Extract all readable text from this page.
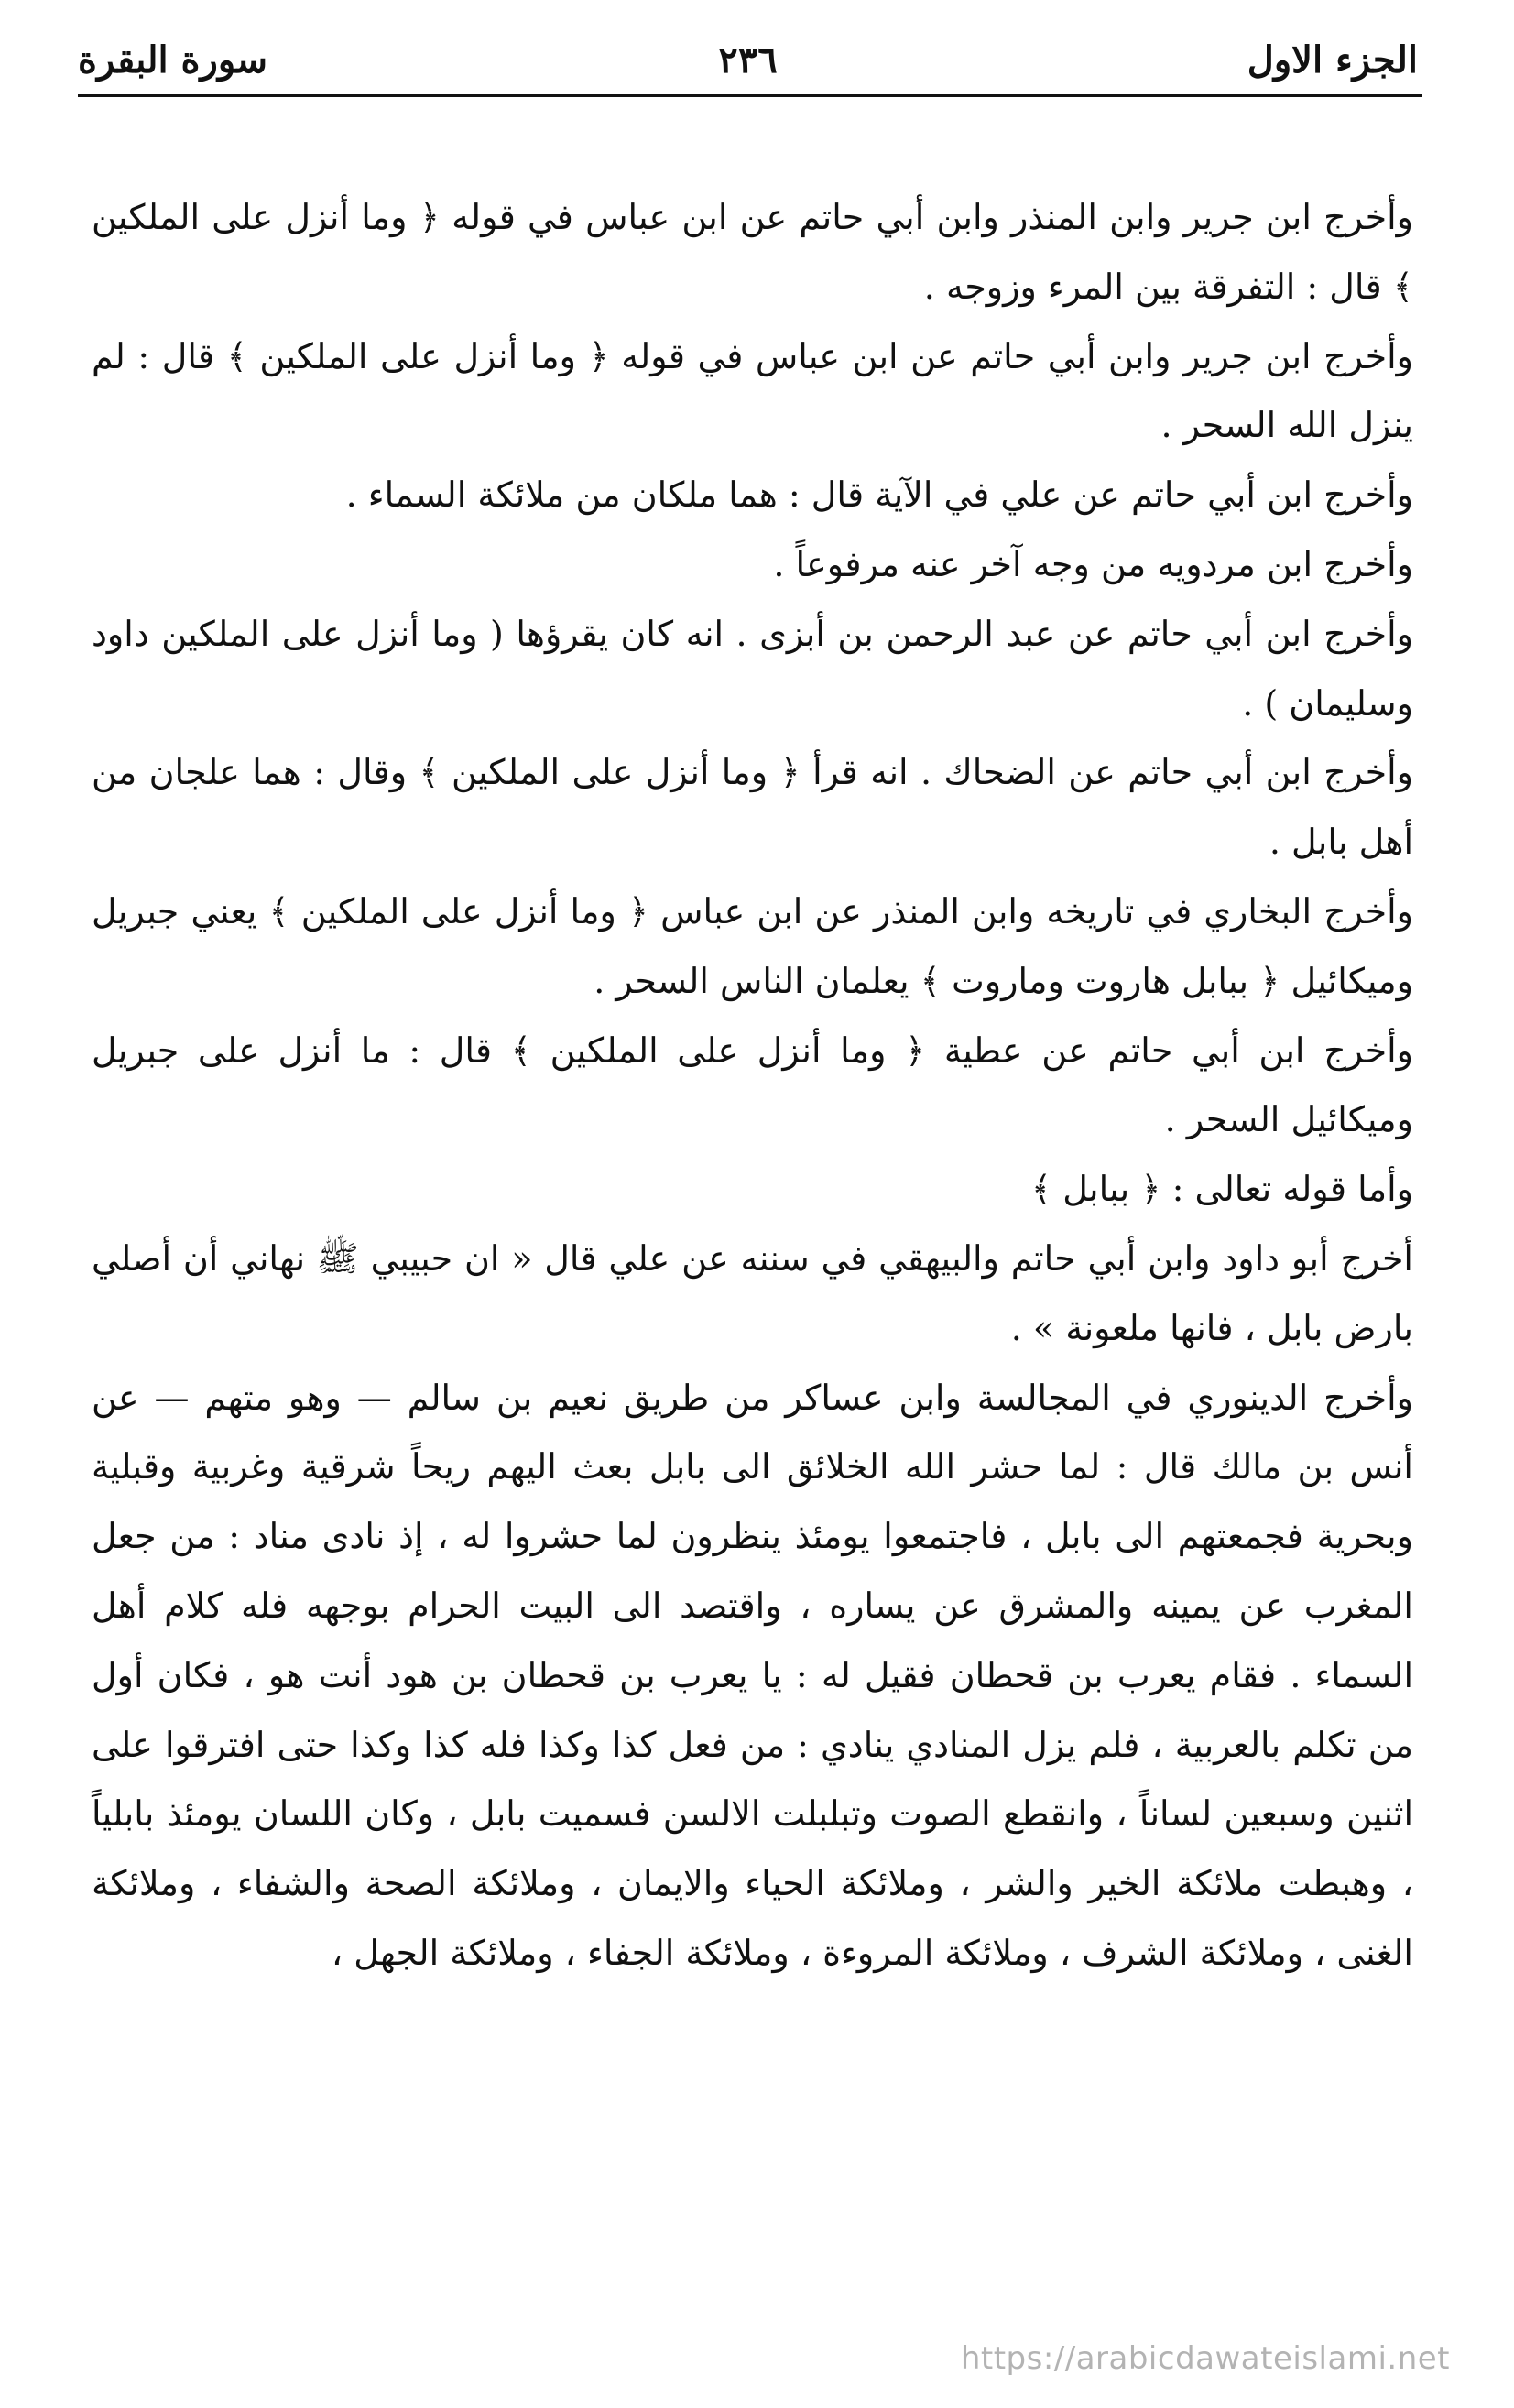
الجزء الاول
٢٣٦
سورة البقرة

وأخرج ابن جرير وابن المنذر وابن أبي حاتم عن ابن عباس في قوله ﴿ وما أنزل على الملكين ﴾ قال : التفرقة بين المرء وزوجه .

وأخرج ابن جرير وابن أبي حاتم عن ابن عباس في قوله ﴿ وما أنزل على الملكين ﴾ قال : لم ينزل الله السحر .

وأخرج ابن أبي حاتم عن علي في الآية قال : هما ملكان من ملائكة السماء .

وأخرج ابن مردويه من وجه آخر عنه مرفوعاً .

وأخرج ابن أبي حاتم عن عبد الرحمن بن أبزى . انه كان يقرؤها ( وما أنزل على الملكين داود وسليمان ) .

وأخرج ابن أبي حاتم عن الضحاك . انه قرأ ﴿ وما أنزل على الملكين ﴾ وقال : هما علجان من أهل بابل .

وأخرج البخاري في تاريخه وابن المنذر عن ابن عباس ﴿ وما أنزل على الملكين ﴾ يعني جبريل وميكائيل ﴿ ببابل هاروت وماروت ﴾ يعلمان الناس السحر .

وأخرج ابن أبي حاتم عن عطية ﴿ وما أنزل على الملكين ﴾ قال : ما أنزل على جبريل وميكائيل السحر .

وأما قوله تعالى : ﴿ ببابل ﴾

أخرج أبو داود وابن أبي حاتم والبيهقي في سننه عن علي قال « ان حبيبي ﷺ نهاني أن أصلي بارض بابل ، فانها ملعونة » .

وأخرج الدينوري في المجالسة وابن عساكر من طريق نعيم بن سالم — وهو متهم — عن أنس بن مالك قال : لما حشر الله الخلائق الى بابل بعث اليهم ريحاً شرقية وغربية وقبلية وبحرية فجمعتهم الى بابل ، فاجتمعوا يومئذ ينظرون لما حشروا له ، إذ نادى مناد : من جعل المغرب عن يمينه والمشرق عن يساره ، واقتصد الى البيت الحرام بوجهه فله كلام أهل السماء . فقام يعرب بن قحطان فقيل له : يا يعرب بن قحطان بن هود أنت هو ، فكان أول من تكلم بالعربية ، فلم يزل المنادي ينادي : من فعل كذا وكذا فله كذا وكذا حتى افترقوا على اثنين وسبعين لساناً ، وانقطع الصوت وتبلبلت الالسن فسميت بابل ، وكان اللسان يومئذ بابلياً ، وهبطت ملائكة الخير والشر ، وملائكة الحياء والايمان ، وملائكة الصحة والشفاء ، وملائكة الغنى ، وملائكة الشرف ، وملائكة المروءة ، وملائكة الجفاء ، وملائكة الجهل ،

https://arabicdawateislami.net
